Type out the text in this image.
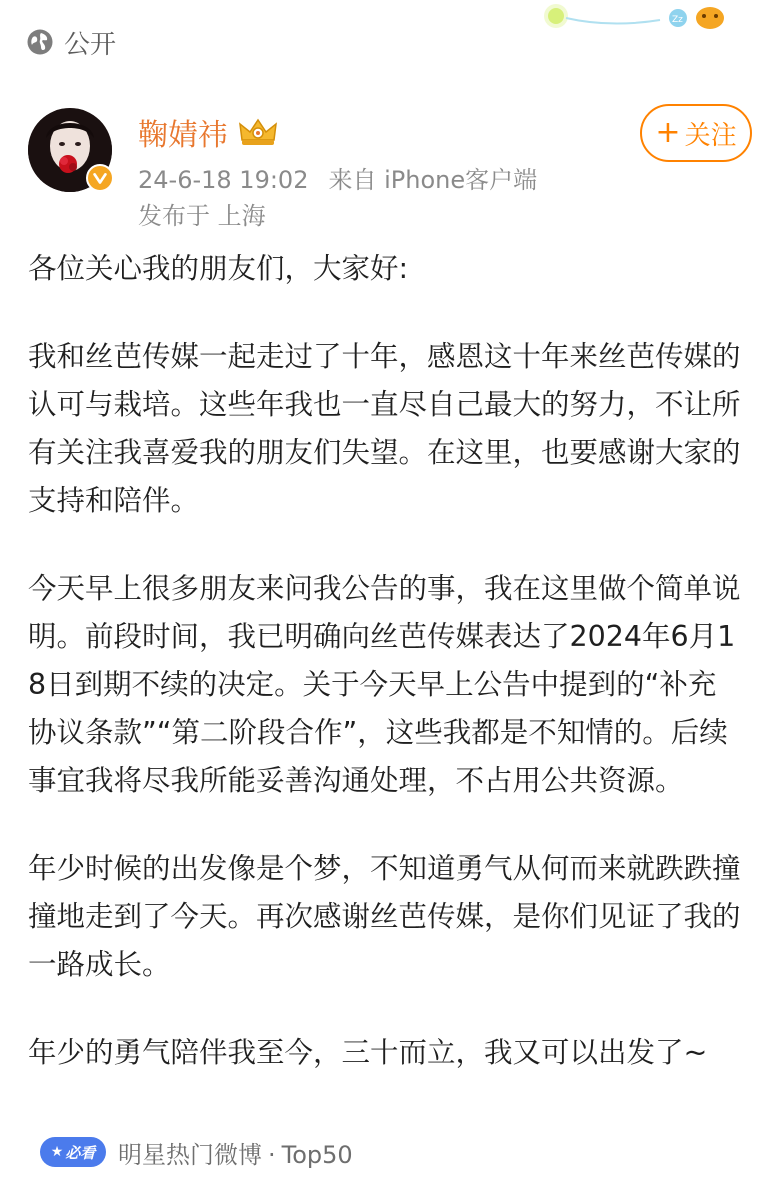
公开
Zz
鞠婧祎
24-6-18 19:02 来自 iPhone客户端
发布于 上海
+ 关注

各位关心我的朋友们，大家好:

我和丝芭传媒一起走过了十年，感恩这十年来丝芭传媒的认可与栽培。这些年我也一直尽自己最大的努力，不让所有关注我喜爱我的朋友们失望。在这里，也要感谢大家的支持和陪伴。

今天早上很多朋友来问我公告的事，我在这里做个简单说明。前段时间，我已明确向丝芭传媒表达了2024年6月18日到期不续的决定。关于今天早上公告中提到的“补充协议条款”“第二阶段合作”，这些我都是不知情的。后续事宜我将尽我所能妥善沟通处理，不占用公共资源。

年少时候的出发像是个梦，不知道勇气从何而来就跌跌撞撞地走到了今天。再次感谢丝芭传媒，是你们见证了我的一路成长。

年少的勇气陪伴我至今，三十而立，我又可以出发了~

★ 必看 明星热门微博 · Top50
